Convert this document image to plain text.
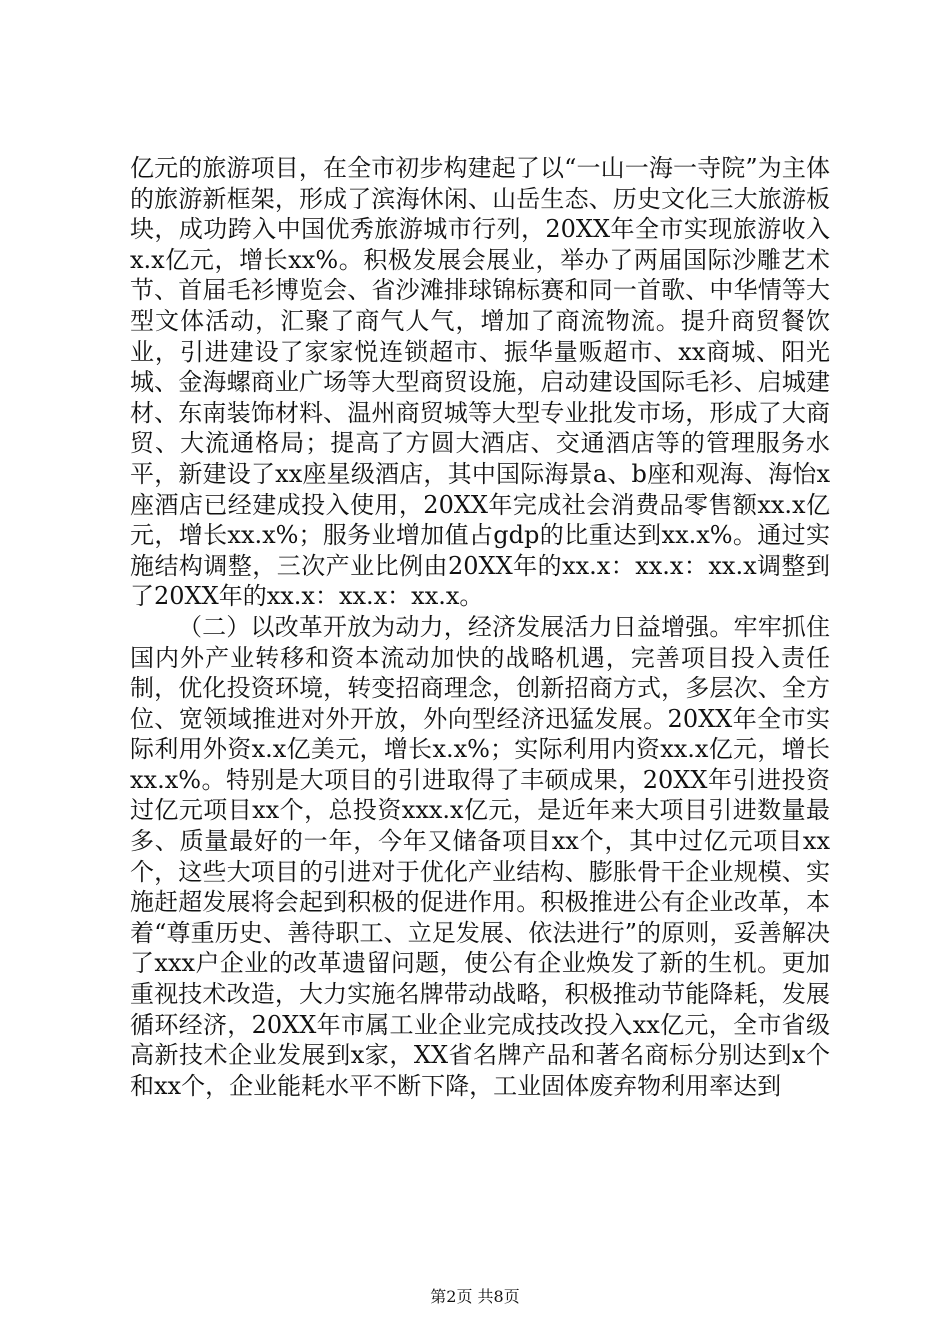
亿元的旅游项目，在全市初步构建起了以“一山一海一寺院”为主体的旅游新框架，形成了滨海休闲、山岳生态、历史文化三大旅游板块，成功跨入中国优秀旅游城市行列，20XX年全市实现旅游收入x.x亿元，增长xx%。积极发展会展业，举办了两届国际沙雕艺术节、首届毛衫博览会、省沙滩排球锦标赛和同一首歌、中华情等大型文体活动，汇聚了商气人气，增加了商流物流。提升商贸餐饮业，引进建设了家家悦连锁超市、振华量贩超市、xx商城、阳光城、金海螺商业广场等大型商贸设施，启动建设国际毛衫、启城建材、东南装饰材料、温州商贸城等大型专业批发市场，形成了大商贸、大流通格局；提高了方圆大酒店、交通酒店等的管理服务水平，新建设了xx座星级酒店，其中国际海景a、b座和观海、海怡x座酒店已经建成投入使用，20XX年完成社会消费品零售额xx.x亿元，增长xx.x%；服务业增加值占gdp的比重达到xx.x%。通过实施结构调整，三次产业比例由20XX年的xx.x：xx.x：xx.x调整到了20XX年的xx.x：xx.x：xx.x。

（二）以改革开放为动力，经济发展活力日益增强。牢牢抓住国内外产业转移和资本流动加快的战略机遇，完善项目投入责任制，优化投资环境，转变招商理念，创新招商方式，多层次、全方位、宽领域推进对外开放，外向型经济迅猛发展。20XX年全市实际利用外资x.x亿美元，增长x.x%；实际利用内资xx.x亿元，增长xx.x%。特别是大项目的引进取得了丰硕成果，20XX年引进投资过亿元项目xx个，总投资xxx.x亿元，是近年来大项目引进数量最多、质量最好的一年，今年又储备项目xx个，其中过亿元项目xx个，这些大项目的引进对于优化产业结构、膨胀骨干企业规模、实施赶超发展将会起到积极的促进作用。积极推进公有企业改革，本着“尊重历史、善待职工、立足发展、依法进行”的原则，妥善解决了xxx户企业的改革遗留问题，使公有企业焕发了新的生机。更加重视技术改造，大力实施名牌带动战略，积极推动节能降耗，发展循环经济，20XX年市属工业企业完成技改投入xx亿元，全市省级高新技术企业发展到x家，XX省名牌产品和著名商标分别达到x个和xx个，企业能耗水平不断下降，工业固体废弃物利用率达到

第2页 共8页
